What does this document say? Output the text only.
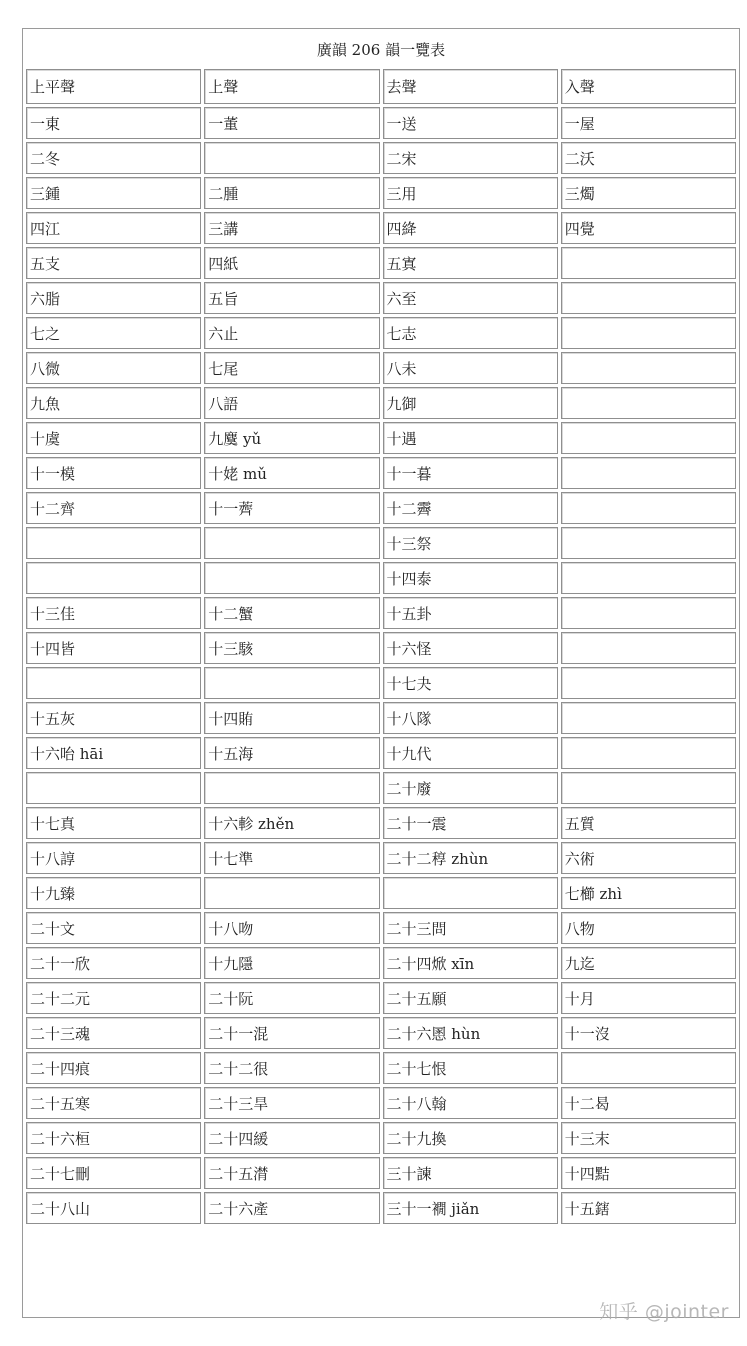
廣韻 206 韻一覽表			
上平聲	上聲	去聲	入聲
一東	一董	一送	一屋
二冬		二宋	二沃
三鍾	二腫	三用	三燭
四江	三講	四絳	四覺
五支	四紙	五寘	
六脂	五旨	六至	
七之	六止	七志	
八微	七尾	八未	
九魚	八語	九御	
十虞	九麌 yǔ	十遇	
十一模	十姥 mǔ	十一暮	
十二齊	十一薺	十二霽	
		十三祭	
		十四泰	
十三佳	十二蟹	十五卦	
十四皆	十三駭	十六怪	
		十七夬	
十五灰	十四賄	十八隊	
十六咍 hāi	十五海	十九代	
		二十廢	
十七真	十六軫 zhěn	二十一震	五質
十八諄	十七準	二十二稕 zhùn	六術
十九臻			七櫛 zhì
二十文	十八吻	二十三問	八物
二十一欣	十九隱	二十四焮 xīn	九迄
二十二元	二十阮	二十五願	十月
二十三魂	二十一混	二十六慁 hùn	十一沒
二十四痕	二十二很	二十七恨	
二十五寒	二十三旱	二十八翰	十二曷
二十六桓	二十四緩	二十九換	十三末
二十七刪	二十五潸	三十諫	十四黠
二十八山	二十六產	三十一襉 jiǎn	十五鎋
知乎 @jointer
